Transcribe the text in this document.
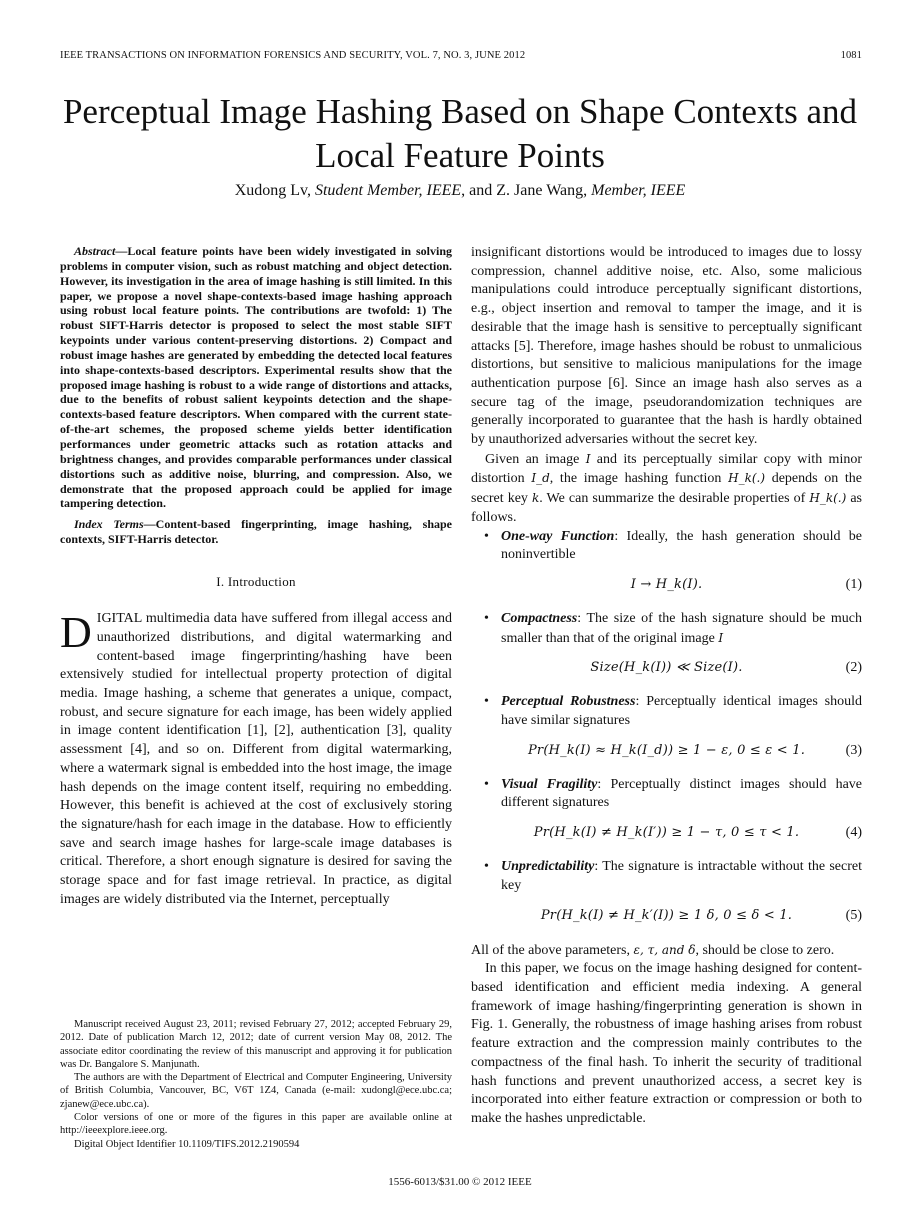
IEEE TRANSACTIONS ON INFORMATION FORENSICS AND SECURITY, VOL. 7, NO. 3, JUNE 2012	1081
Perceptual Image Hashing Based on Shape Contexts and Local Feature Points
Xudong Lv, Student Member, IEEE, and Z. Jane Wang, Member, IEEE

Abstract—Local feature points have been widely investigated in solving problems in computer vision, such as robust matching and object detection. However, its investigation in the area of image hashing is still limited. In this paper, we propose a novel shape-contexts-based image hashing approach using robust local feature points. The contributions are twofold: 1) The robust SIFT-Harris detector is proposed to select the most stable SIFT keypoints under various content-preserving distortions. 2) Compact and robust image hashes are generated by embedding the detected local features into shape-contexts-based descriptors. Experimental results show that the proposed image hashing is robust to a wide range of distortions and attacks, due to the benefits of robust salient keypoints detection and the shape-contexts-based feature descriptors. When compared with the current state-of-the-art schemes, the proposed scheme yields better identification performances under geometric attacks such as rotation attacks and brightness changes, and provides comparable performances under classical distortions such as additive noise, blurring, and compression. Also, we demonstrate that the proposed approach could be applied for image tampering detection.

Index Terms—Content-based fingerprinting, image hashing, shape contexts, SIFT-Harris detector.

I. Introduction

DIGITAL multimedia data have suffered from illegal access and unauthorized distributions, and digital watermarking and content-based image fingerprinting/hashing have been extensively studied for intellectual property protection of digital media. Image hashing, a scheme that generates a unique, compact, robust, and secure signature for each image, has been widely applied in image content identification [1], [2], authentication [3], quality assessment [4], and so on. Different from digital watermarking, where a watermark signal is embedded into the host image, the image hash depends on the image content itself, requiring no embedding. However, this benefit is achieved at the cost of exclusively storing the signature/hash for each image in the database. How to efficiently save and search image hashes for large-scale image databases is critical. Therefore, a short enough signature is desired for saving the storage space and for fast image retrieval. In practice, as digital images are widely distributed via the Internet, perceptually

Manuscript received August 23, 2011; revised February 27, 2012; accepted February 29, 2012. Date of publication March 12, 2012; date of current version May 08, 2012. The associate editor coordinating the review of this manuscript and approving it for publication was Dr. Bangalore S. Manjunath.

The authors are with the Department of Electrical and Computer Engineering, University of British Columbia, Vancouver, BC, V6T 1Z4, Canada (e-mail: xudongl@ece.ubc.ca; zjanew@ece.ubc.ca).

Color versions of one or more of the figures in this paper are available online at http://ieeexplore.ieee.org.

Digital Object Identifier 10.1109/TIFS.2012.2190594

insignificant distortions would be introduced to images due to lossy compression, channel additive noise, etc. Also, some malicious manipulations could introduce perceptually significant distortions, e.g., object insertion and removal to tamper the image, and it is desirable that the image hash is sensitive to perceptually significant attacks [5]. Therefore, image hashes should be robust to unmalicious distortions, but sensitive to malicious manipulations for the image authentication purpose [6]. Since an image hash also serves as a secure tag of the image, pseudorandomization techniques are generally incorporated to guarantee that the hash is hardly obtained by unauthorized adversaries without the secret key.

Given an image I and its perceptually similar copy with minor distortion I_d, the image hashing function H_k(.) depends on the secret key k. We can summarize the desirable properties of H_k(.) as follows.

• One-way Function: Ideally, the hash generation should be noninvertible

I → H_k(I).	(1)

• Compactness: The size of the hash signature should be much smaller than that of the original image I

Size(H_k(I)) ≪ Size(I).	(2)

• Perceptual Robustness: Perceptually identical images should have similar signatures

Pr(H_k(I) ≈ H_k(I_d)) ≥ 1 − ε, 0 ≤ ε < 1.	(3)

• Visual Fragility: Perceptually distinct images should have different signatures

Pr(H_k(I) ≠ H_k(I′)) ≥ 1 − τ, 0 ≤ τ < 1.	(4)

• Unpredictability: The signature is intractable without the secret key

Pr(H_k(I) ≠ H_k′(I)) ≥ 1 δ, 0 ≤ δ < 1.	(5)

All of the above parameters, ε, τ, and δ, should be close to zero.

In this paper, we focus on the image hashing designed for content-based identification and efficient media indexing. A general framework of image hashing/fingerprinting generation is shown in Fig. 1. Generally, the robustness of image hashing arises from robust feature extraction and the compression mainly contributes to the compactness of the final hash. To inherit the security of traditional hash functions and prevent unauthorized access, a secret key is incorporated into either feature extraction or compression or both to make the hashes unpredictable.

1556-6013/$31.00 © 2012 IEEE
